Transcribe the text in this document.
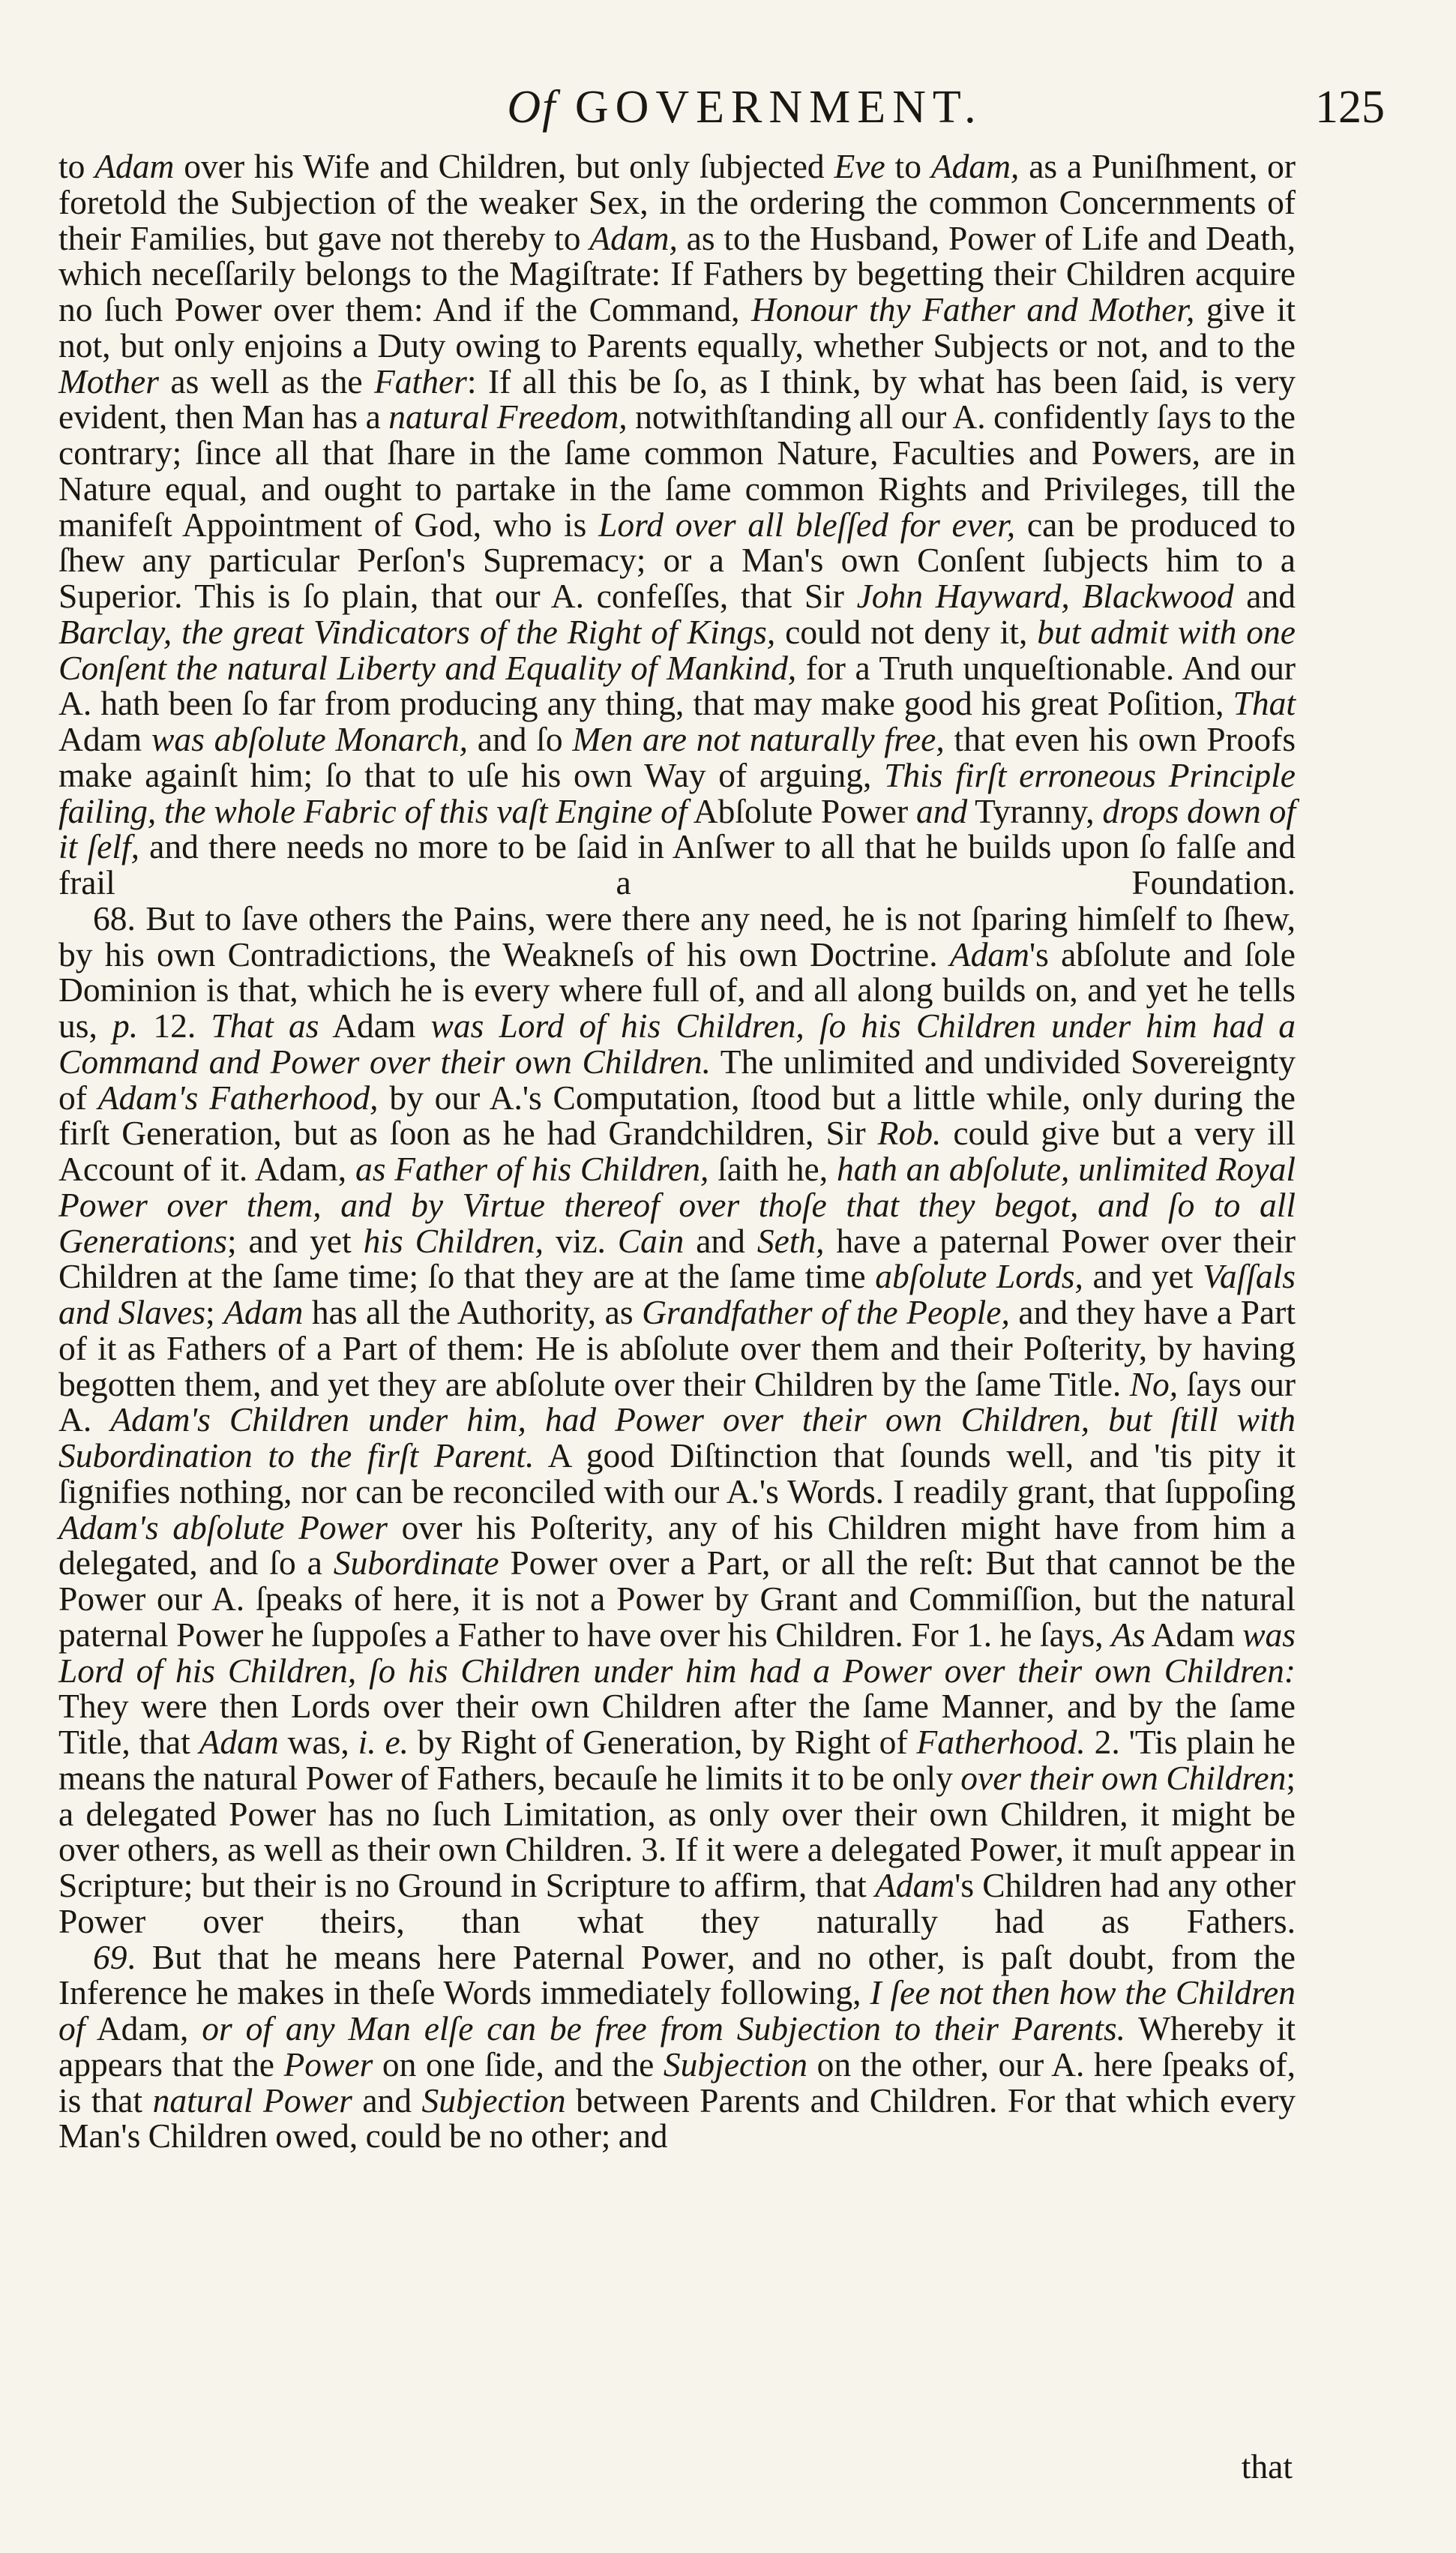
Of GOVERNMENT.	125

to Adam over his Wife and Children, but only ſubjected Eve to Adam, as a Puniſhment, or foretold the Subjection of the weaker Sex, in the ordering the common Concernments of their Families, but gave not thereby to Adam, as to the Husband, Power of Life and Death, which neceſſarily belongs to the Magiſtrate: If Fathers by begetting their Children acquire no ſuch Power over them: And if the Command, Honour thy Father and Mother, give it not, but only enjoins a Duty owing to Parents equally, whether Subjects or not, and to the Mother as well as the Father: If all this be ſo, as I think, by what has been ſaid, is very evident, then Man has a natural Freedom, notwithſtanding all our A. confidently ſays to the contrary; ſince all that ſhare in the ſame common Nature, Faculties and Powers, are in Nature equal, and ought to partake in the ſame common Rights and Privileges, till the manifeſt Appointment of God, who is Lord over all bleſſed for ever, can be produced to ſhew any particular Perſon's Supremacy; or a Man's own Conſent ſubjects him to a Superior. This is ſo plain, that our A. confeſſes, that Sir John Hayward, Blackwood and Barclay, the great Vindicators of the Right of Kings, could not deny it, but admit with one Conſent the natural Liberty and Equality of Mankind, for a Truth unqueſtionable. And our A. hath been ſo far from producing any thing, that may make good his great Poſition, That Adam was abſolute Monarch, and ſo Men are not naturally free, that even his own Proofs make againſt him; ſo that to uſe his own Way of arguing, This firſt erroneous Principle failing, the whole Fabric of this vaſt Engine of Abſolute Power and Tyranny, drops down of it ſelf, and there needs no more to be ſaid in Anſwer to all that he builds upon ſo falſe and frail a Foundation.

68. But to ſave others the Pains, were there any need, he is not ſparing himſelf to ſhew, by his own Contradictions, the Weakneſs of his own Doctrine. Adam's abſolute and ſole Dominion is that, which he is every where full of, and all along builds on, and yet he tells us, p. 12. That as Adam was Lord of his Children, ſo his Children under him had a Command and Power over their own Children. The unlimited and undivided Sovereignty of Adam's Fatherhood, by our A.'s Computation, ſtood but a little while, only during the firſt Generation, but as ſoon as he had Grandchildren, Sir Rob. could give but a very ill Account of it. Adam, as Father of his Children, ſaith he, hath an abſolute, unlimited Royal Power over them, and by Virtue thereof over thoſe that they begot, and ſo to all Generations; and yet his Children, viz. Cain and Seth, have a paternal Power over their Children at the ſame time; ſo that they are at the ſame time abſolute Lords, and yet Vaſſals and Slaves; Adam has all the Authority, as Grandfather of the People, and they have a Part of it as Fathers of a Part of them: He is abſolute over them and their Poſterity, by having begotten them, and yet they are abſolute over their Children by the ſame Title. No, ſays our A. Adam's Children under him, had Power over their own Children, but ſtill with Subordination to the firſt Parent. A good Diſtinction that ſounds well, and 'tis pity it ſignifies nothing, nor can be reconciled with our A.'s Words. I readily grant, that ſuppoſing Adam's abſolute Power over his Poſterity, any of his Children might have from him a delegated, and ſo a Subordinate Power over a Part, or all the reſt: But that cannot be the Power our A. ſpeaks of here, it is not a Power by Grant and Commiſſion, but the natural paternal Power he ſuppoſes a Father to have over his Children. For 1. he ſays, As Adam was Lord of his Children, ſo his Children under him had a Power over their own Children: They were then Lords over their own Children after the ſame Manner, and by the ſame Title, that Adam was, i. e. by Right of Generation, by Right of Fatherhood. 2. 'Tis plain he means the natural Power of Fathers, becauſe he limits it to be only over their own Children; a delegated Power has no ſuch Limitation, as only over their own Children, it might be over others, as well as their own Children. 3. If it were a delegated Power, it muſt appear in Scripture; but their is no Ground in Scripture to affirm, that Adam's Children had any other Power over theirs, than what they naturally had as Fathers.

69. But that he means here Paternal Power, and no other, is paſt doubt, from the Inference he makes in theſe Words immediately following, I ſee not then how the Children of Adam, or of any Man elſe can be free from Subjection to their Parents. Whereby it appears that the Power on one ſide, and the Subjection on the other, our A. here ſpeaks of, is that natural Power and Subjection between Parents and Children. For that which every Man's Children owed, could be no other; and

that
